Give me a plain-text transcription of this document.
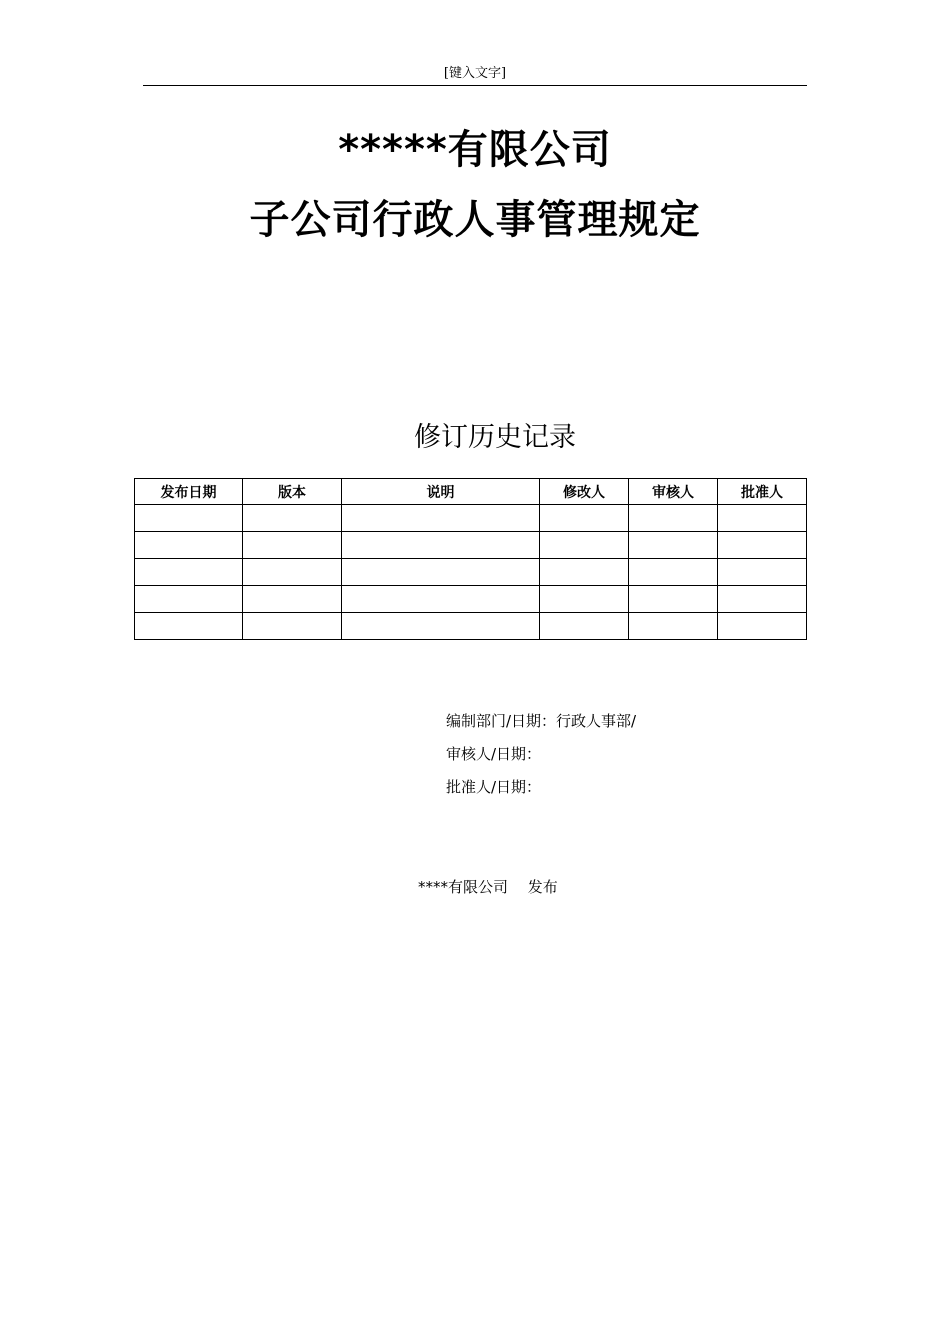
[键入文字]
*****有限公司
子公司行政人事管理规定
修订历史记录
发布日期	版本	说明	修改人	审核人	批准人

编制部门/日期：行政人事部/
审核人/日期：
批准人/日期：
****有限公司　 发布
